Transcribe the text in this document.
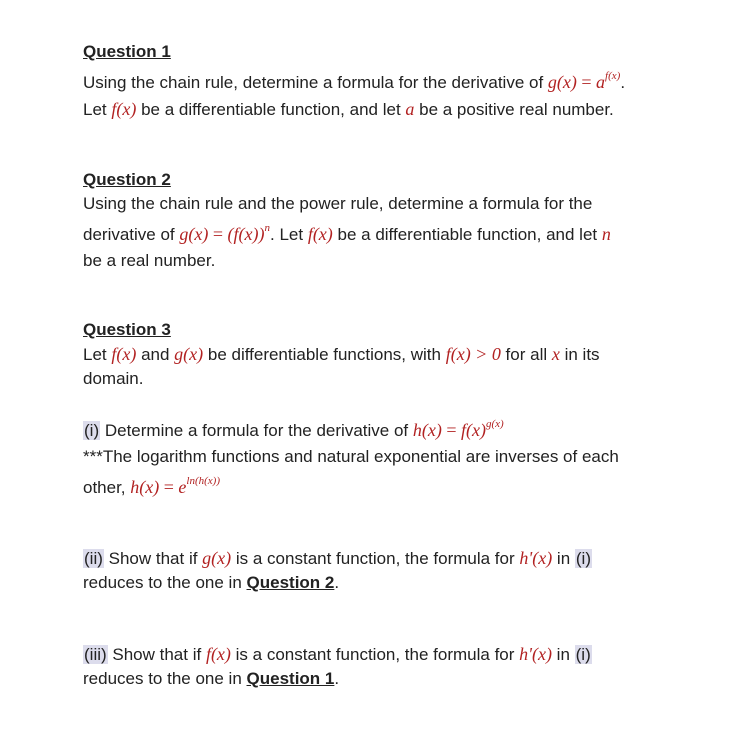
Question 1
Using the chain rule, determine a formula for the derivative of $g(x) = a^{f(x)}$.
Let f(x) be a differentiable function, and let a be a positive real number.
Question 2
Using the chain rule and the power rule, determine a formula for the
derivative of $g(x) = (f(x))^n$. Let f(x) be a differentiable function, and let n
be a real number.
Question 3
Let f(x) and g(x) be differentiable functions, with f(x) > 0 for all x in its
domain.
(i) Determine a formula for the derivative of $h(x) = f(x)^{g(x)}$
***The logarithm functions and natural exponential are inverses of each
other, $h(x) = e^{ln(h(x))}$
(ii) Show that if g(x) is a constant function, the formula for h'(x) in (i)
reduces to the one in Question 2.
(iii) Show that if f(x) is a constant function, the formula for h'(x) in (i)
reduces to the one in Question 1.
